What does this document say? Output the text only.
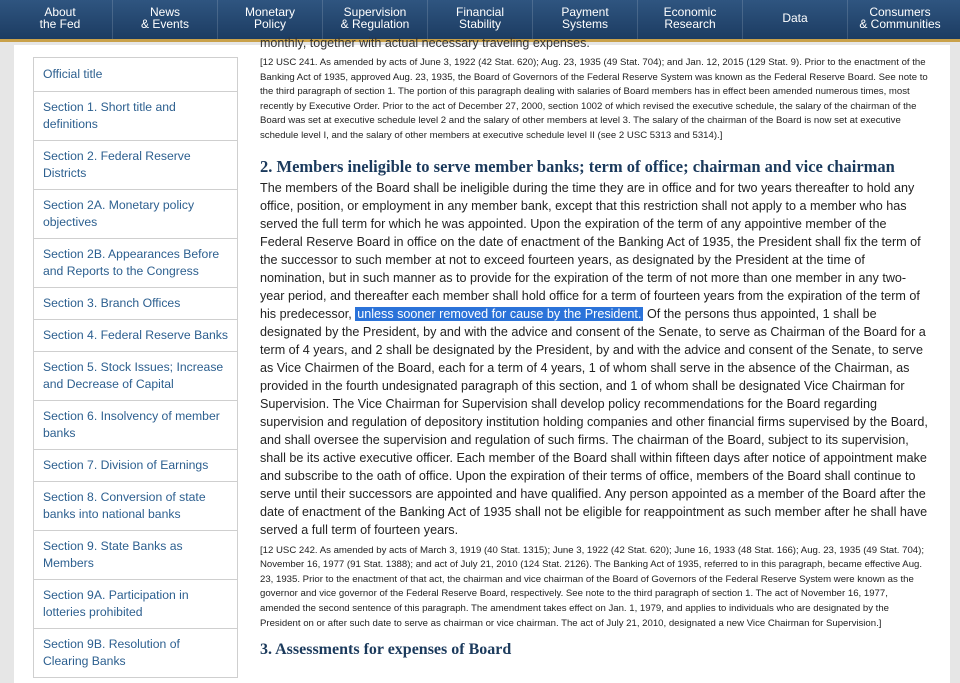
About
the Fed
News
& Events
Monetary
Policy
Supervision
& Regulation
Financial
Stability
Payment
Systems
Economic
Research	Data	Consumers
& Communities
Official title
Section 1. Short title and definitions
Section 2. Federal Reserve Districts
Section 2A. Monetary policy objectives
Section 2B. Appearances Before and Reports to the Congress
Section 3. Branch Offices
Section 4. Federal Reserve Banks
Section 5. Stock Issues; Increase and Decrease of Capital
Section 6. Insolvency of member banks
Section 7. Division of Earnings
Section 8. Conversion of state banks into national banks
Section 9. State Banks as Members
Section 9A. Participation in lotteries prohibited
Section 9B. Resolution of Clearing Banks

monthly, together with actual necessary traveling expenses.

[12 USC 241. As amended by acts of June 3, 1922 (42 Stat. 620); Aug. 23, 1935 (49 Stat. 704); and Jan. 12, 2015 (129 Stat. 9). Prior to the enactment of the Banking Act of 1935, approved Aug. 23, 1935, the Board of Governors of the Federal Reserve System was known as the Federal Reserve Board. See note to the third paragraph of section 1. The portion of this paragraph dealing with salaries of Board members has in effect been amended numerous times, most recently by Executive Order. Prior to the act of December 27, 2000, section 1002 of which revised the executive schedule, the salary of the chairman of the Board was set at executive schedule level 2 and the salary of other members at level 3. The salary of the chairman of the Board is now set at executive schedule level I, and the salary of other members at executive schedule level II (see 2 USC 5313 and 5314).]

2. Members ineligible to serve member banks; term of office; chairman and vice chairman

The members of the Board shall be ineligible during the time they are in office and for two years thereafter to hold any office, position, or employment in any member bank, except that this restriction shall not apply to a member who has served the full term for which he was appointed. Upon the expiration of the term of any appointive member of the Federal Reserve Board in office on the date of enactment of the Banking Act of 1935, the President shall fix the term of the successor to such member at not to exceed fourteen years, as designated by the President at the time of nomination, but in such manner as to provide for the expiration of the term of not more than one member in any two-year period, and thereafter each member shall hold office for a term of fourteen years from the expiration of the term of his predecessor, unless sooner removed for cause by the President. Of the persons thus appointed, 1 shall be designated by the President, by and with the advice and consent of the Senate, to serve as Chairman of the Board for a term of 4 years, and 2 shall be designated by the President, by and with the advice and consent of the Senate, to serve as Vice Chairmen of the Board, each for a term of 4 years, 1 of whom shall serve in the absence of the Chairman, as provided in the fourth undesignated paragraph of this section, and 1 of whom shall be designated Vice Chairman for Supervision. The Vice Chairman for Supervision shall develop policy recommendations for the Board regarding supervision and regulation of depository institution holding companies and other financial firms supervised by the Board, and shall oversee the supervision and regulation of such firms. The chairman of the Board, subject to its supervision, shall be its active executive officer. Each member of the Board shall within fifteen days after notice of appointment make and subscribe to the oath of office. Upon the expiration of their terms of office, members of the Board shall continue to serve until their successors are appointed and have qualified. Any person appointed as a member of the Board after the date of enactment of the Banking Act of 1935 shall not be eligible for reappointment as such member after he shall have served a full term of fourteen years.

[12 USC 242. As amended by acts of March 3, 1919 (40 Stat. 1315); June 3, 1922 (42 Stat. 620); June 16, 1933 (48 Stat. 166); Aug. 23, 1935 (49 Stat. 704); November 16, 1977 (91 Stat. 1388); and act of July 21, 2010 (124 Stat. 2126). The Banking Act of 1935, referred to in this paragraph, became effective Aug. 23, 1935. Prior to the enactment of that act, the chairman and vice chairman of the Board of Governors of the Federal Reserve System were known as the governor and vice governor of the Federal Reserve Board, respectively. See note to the third paragraph of section 1. The act of November 16, 1977, amended the second sentence of this paragraph. The amendment takes effect on Jan. 1, 1979, and applies to individuals who are designated by the President on or after such date to serve as chairman or vice chairman. The act of July 21, 2010, designated a new Vice Chairman for Supervision.]

3. Assessments for expenses of Board
